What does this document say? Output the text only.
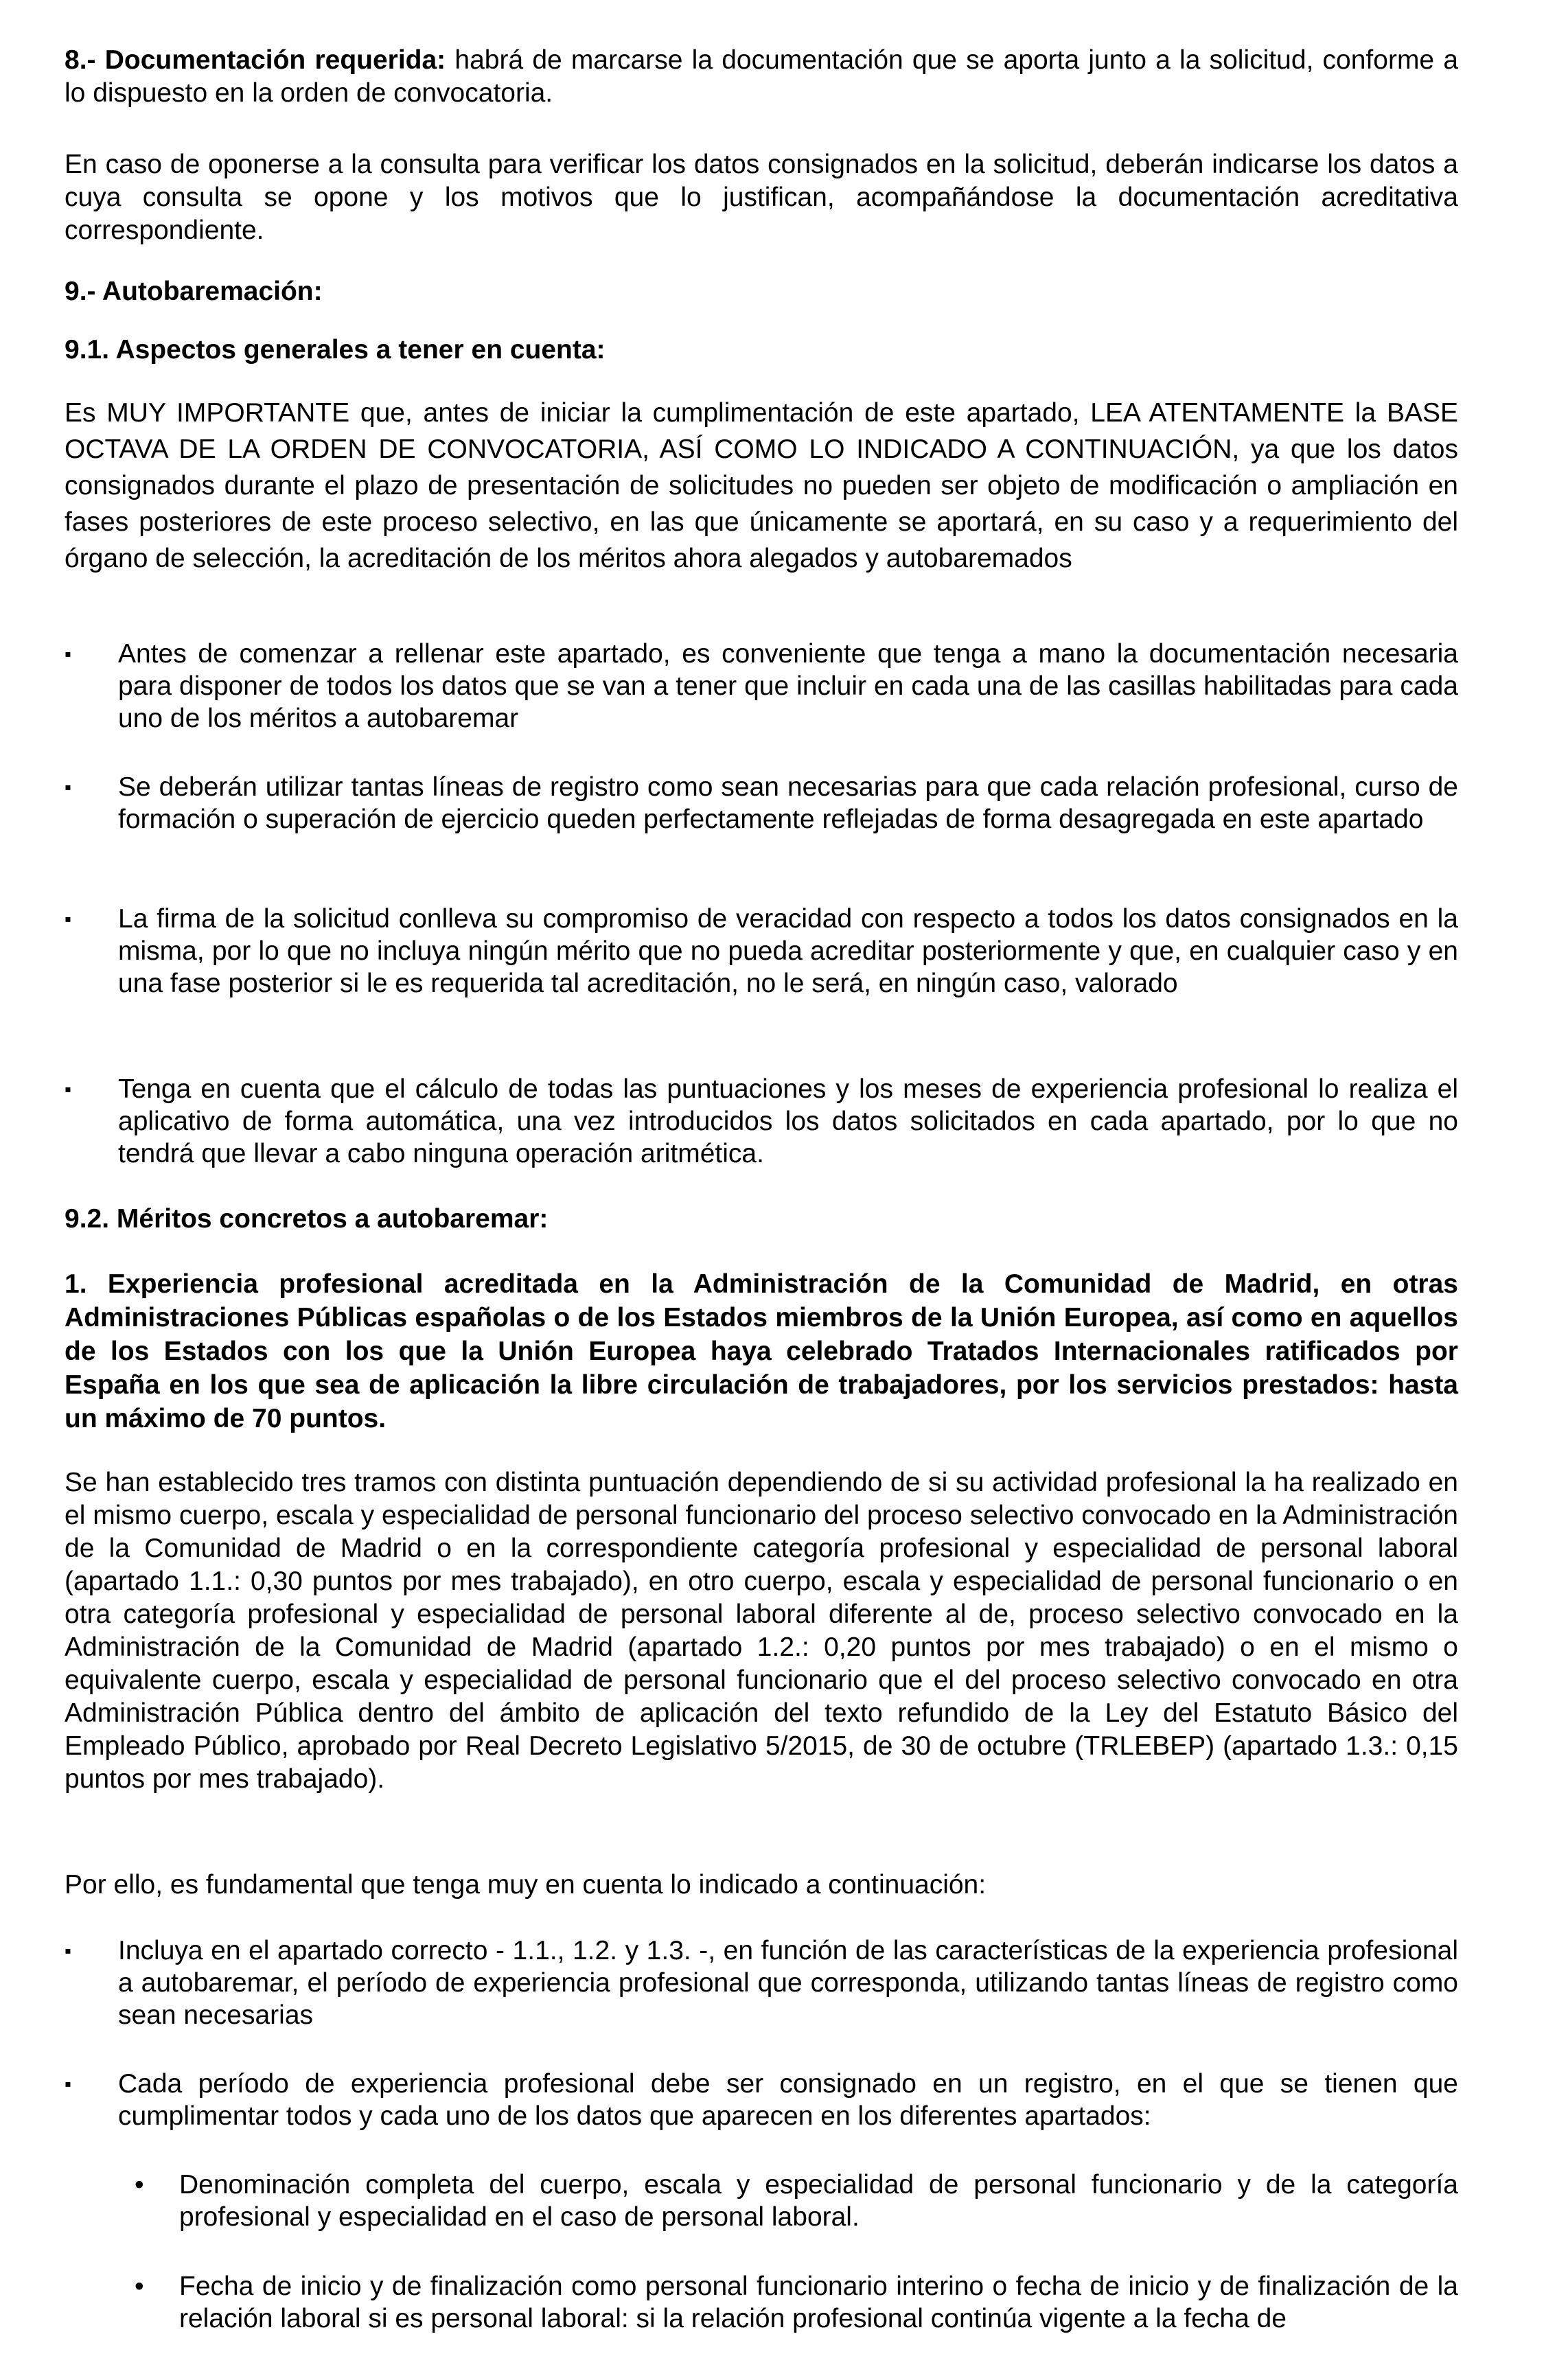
8.- Documentación requerida: habrá de marcarse la documentación que se aporta junto a la solicitud, conforme a lo dispuesto en la orden de convocatoria.
En caso de oponerse a la consulta para verificar los datos consignados en la solicitud, deberán indicarse los datos a cuya consulta se opone y los motivos que lo justifican, acompañándose la documentación acreditativa correspondiente.
9.- Autobaremación:
9.1. Aspectos generales a tener en cuenta:
Es MUY IMPORTANTE que, antes de iniciar la cumplimentación de este apartado, LEA ATENTAMENTE la BASE OCTAVA DE LA ORDEN DE CONVOCATORIA, ASÍ COMO LO INDICADO A CONTINUACIÓN, ya que los datos consignados durante el plazo de presentación de solicitudes no pueden ser objeto de modificación o ampliación en fases posteriores de este proceso selectivo, en las que únicamente se aportará, en su caso y a requerimiento del órgano de selección, la acreditación de los méritos ahora alegados y autobaremados
▪ Antes de comenzar a rellenar este apartado, es conveniente que tenga a mano la documentación necesaria para disponer de todos los datos que se van a tener que incluir en cada una de las casillas habilitadas para cada uno de los méritos a autobaremar
▪ Se deberán utilizar tantas líneas de registro como sean necesarias para que cada relación profesional, curso de formación o superación de ejercicio queden perfectamente reflejadas de forma desagregada en este apartado
▪ La firma de la solicitud conlleva su compromiso de veracidad con respecto a todos los datos consignados en la misma, por lo que no incluya ningún mérito que no pueda acreditar posteriormente y que, en cualquier caso y en una fase posterior si le es requerida tal acreditación, no le será, en ningún caso, valorado
▪ Tenga en cuenta que el cálculo de todas las puntuaciones y los meses de experiencia profesional lo realiza el aplicativo de forma automática, una vez introducidos los datos solicitados en cada apartado, por lo que no tendrá que llevar a cabo ninguna operación aritmética.
9.2. Méritos concretos a autobaremar:
1. Experiencia profesional acreditada en la Administración de la Comunidad de Madrid, en otras Administraciones Públicas españolas o de los Estados miembros de la Unión Europea, así como en aquellos de los Estados con los que la Unión Europea haya celebrado Tratados Internacionales ratificados por España en los que sea de aplicación la libre circulación de trabajadores, por los servicios prestados: hasta un máximo de 70 puntos.
Se han establecido tres tramos con distinta puntuación dependiendo de si su actividad profesional la ha realizado en el mismo cuerpo, escala y especialidad de personal funcionario del proceso selectivo convocado en la Administración de la Comunidad de Madrid o en la correspondiente categoría profesional y especialidad de personal laboral (apartado 1.1.: 0,30 puntos por mes trabajado), en otro cuerpo, escala y especialidad de personal funcionario o en otra categoría profesional y especialidad de personal laboral diferente al de, proceso selectivo convocado en la Administración de la Comunidad de Madrid (apartado 1.2.: 0,20 puntos por mes trabajado) o en el mismo o equivalente cuerpo, escala y especialidad de personal funcionario que el del proceso selectivo convocado en otra Administración Pública dentro del ámbito de aplicación del texto refundido de la Ley del Estatuto Básico del Empleado Público, aprobado por Real Decreto Legislativo 5/2015, de 30 de octubre (TRLEBEP) (apartado 1.3.: 0,15 puntos por mes trabajado).
Por ello, es fundamental que tenga muy en cuenta lo indicado a continuación:
▪ Incluya en el apartado correcto - 1.1., 1.2. y 1.3. -, en función de las características de la experiencia profesional a autobaremar, el período de experiencia profesional que corresponda, utilizando tantas líneas de registro como sean necesarias
▪ Cada período de experiencia profesional debe ser consignado en un registro, en el que se tienen que cumplimentar todos y cada uno de los datos que aparecen en los diferentes apartados:
• Denominación completa del cuerpo, escala y especialidad de personal funcionario y de la categoría profesional y especialidad en el caso de personal laboral.
• Fecha de inicio y de finalización como personal funcionario interino o fecha de inicio y de finalización de la relación laboral si es personal laboral: si la relación profesional continúa vigente a la fecha de
